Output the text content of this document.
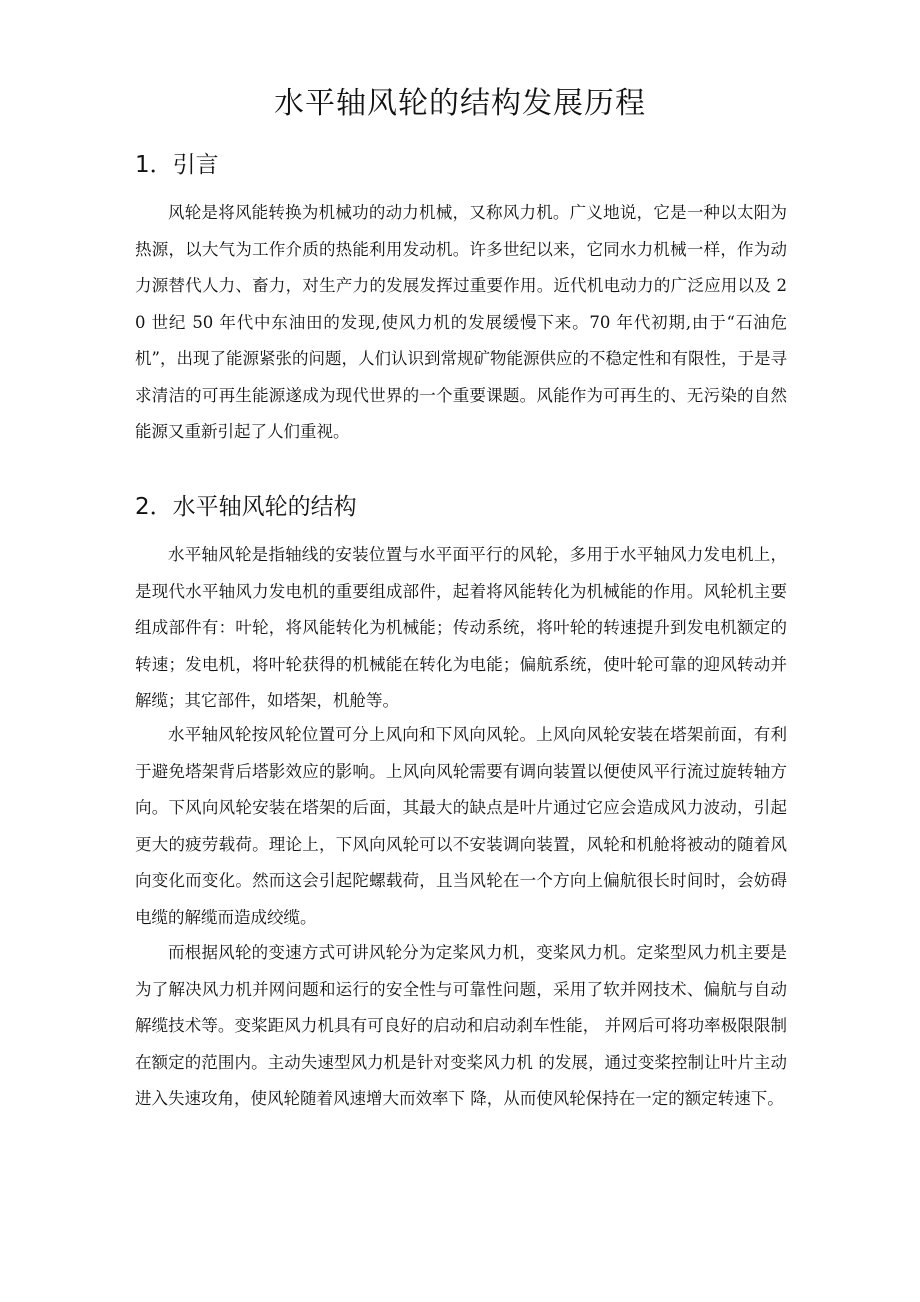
水平轴风轮的结构发展历程
1．引言

风轮是将风能转换为机械功的动力机械，又称风力机。广义地说，它是一种以太阳为热源，以大气为工作介质的热能利用发动机。许多世纪以来，它同水力机械一样，作为动力源替代人力、畜力，对生产力的发展发挥过重要作用。近代机电动力的广泛应用以及 20 世纪 50 年代中东油田的发现,使风力机的发展缓慢下来。70 年代初期,由于“石油危机”，出现了能源紧张的问题，人们认识到常规矿物能源供应的不稳定性和有限性，于是寻求清洁的可再生能源遂成为现代世界的一个重要课题。风能作为可再生的、无污染的自然能源又重新引起了人们重视。

2．水平轴风轮的结构

水平轴风轮是指轴线的安装位置与水平面平行的风轮，多用于水平轴风力发电机上，是现代水平轴风力发电机的重要组成部件，起着将风能转化为机械能的作用。风轮机主要组成部件有：叶轮，将风能转化为机械能；传动系统，将叶轮的转速提升到发电机额定的转速；发电机，将叶轮获得的机械能在转化为电能；偏航系统，使叶轮可靠的迎风转动并解缆；其它部件，如塔架，机舱等。

水平轴风轮按风轮位置可分上风向和下风向风轮。上风向风轮安装在塔架前面，有利于避免塔架背后塔影效应的影响。上风向风轮需要有调向装置以便使风平行流过旋转轴方向。下风向风轮安装在塔架的后面，其最大的缺点是叶片通过它应会造成风力波动，引起更大的疲劳载荷。理论上，下风向风轮可以不安装调向装置，风轮和机舱将被动的随着风向变化而变化。然而这会引起陀螺载荷，且当风轮在一个方向上偏航很长时间时，会妨碍电缆的解缆而造成绞缆。

而根据风轮的变速方式可讲风轮分为定桨风力机，变桨风力机。定桨型风力机主要是为了解决风力机并网问题和运行的安全性与可靠性问题，采用了软并网技术、偏航与自动解缆技术等。变桨距风力机具有可良好的启动和启动刹车性能， 并网后可将功率极限限制在额定的范围内。主动失速型风力机是针对变桨风力机 的发展，通过变桨控制让叶片主动进入失速攻角，使风轮随着风速增大而效率下 降，从而使风轮保持在一定的额定转速下。
